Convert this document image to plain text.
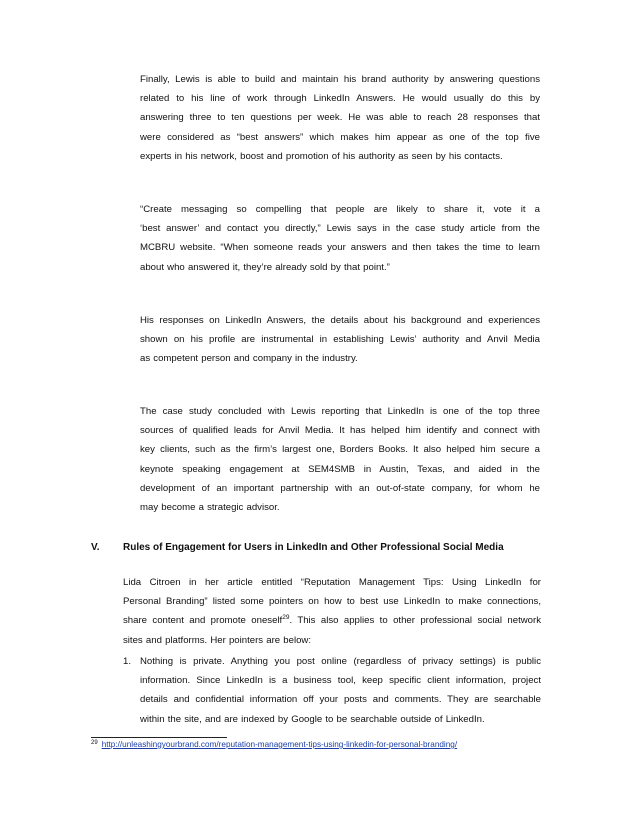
Finally, Lewis is able to build and maintain his brand authority by answering questions
related to his line of work through LinkedIn Answers. He would usually do this by
answering three to ten questions per week. He was able to reach 28 responses that
were considered as “best answers” which makes him appear as one of the top five
experts in his network, boost and promotion of his authority as seen by his contacts.
“Create messaging so compelling that people are likely to share it, vote it a
‘best answer’ and contact you directly,” Lewis says in the case study article from the
MCBRU website. “When someone reads your answers and then takes the time to learn
about who answered it, they’re already sold by that point.”
His responses on LinkedIn Answers, the details about his background and experiences
shown on his profile are instrumental in establishing Lewis’ authority and Anvil Media
as competent person and company in the industry.
The case study concluded with Lewis reporting that LinkedIn is one of the top three
sources of qualified leads for Anvil Media. It has helped him identify and connect with
key clients, such as the firm’s largest one, Borders Books. It also helped him secure a
keynote speaking engagement at SEM4SMB in Austin, Texas, and aided in the
development of an important partnership with an out-of-state company, for whom he
may become a strategic advisor.
V. Rules of Engagement for Users in LinkedIn and Other Professional Social Media
Lida Citroen in her article entitled “Reputation Management Tips: Using LinkedIn for
Personal Branding” listed some pointers on how to best use LinkedIn to make connections,
share content and promote oneself$^{29}$. This also applies to other professional social network
sites and platforms. Her pointers are below:
1. Nothing is private. Anything you post online (regardless of privacy settings) is public
information. Since LinkedIn is a business tool, keep specific client information, project
details and confidential information off your posts and comments. They are searchable
within the site, and are indexed by Google to be searchable outside of LinkedIn.
$^{29}$ http://unleashingyourbrand.com/reputation-management-tips-using-linkedin-for-personal-branding/
